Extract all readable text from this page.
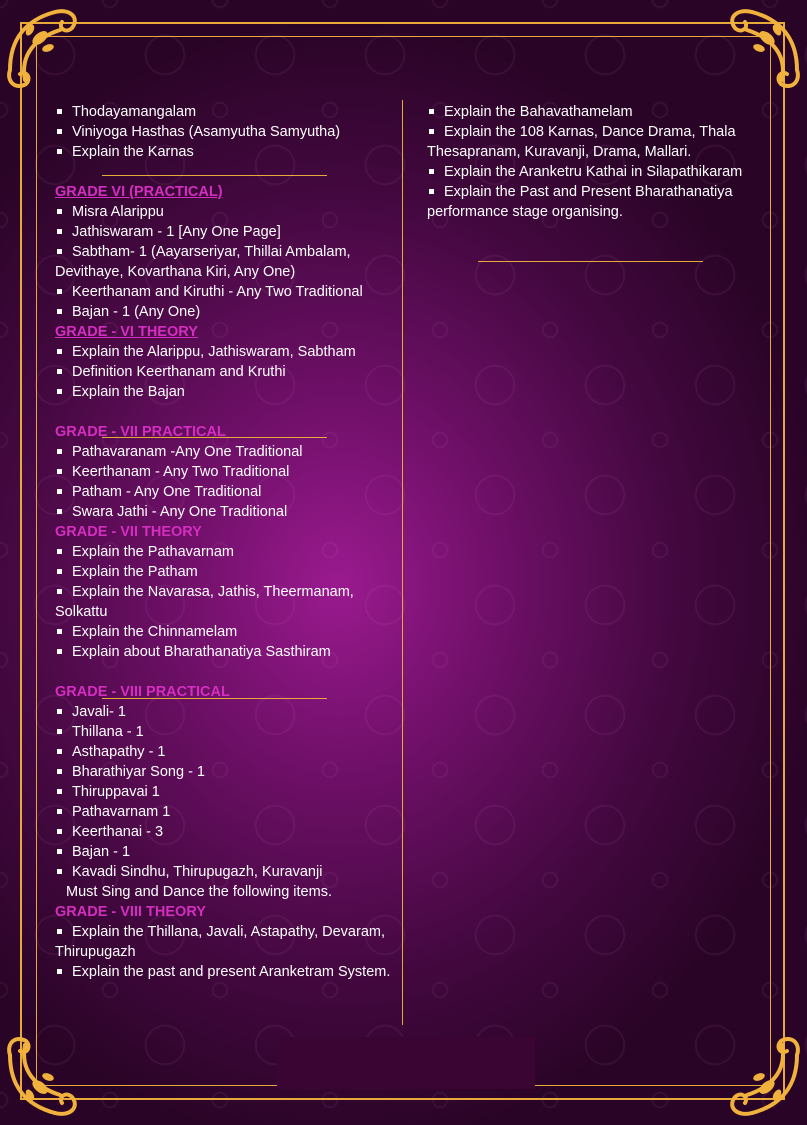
Thodayamangalam
Viniyoga Hasthas (Asamyutha Samyutha)
Explain the Karnas
GRADE VI (PRACTICAL)
Misra Alarippu
Jathiswaram - 1 [Any One Page]
Sabtham- 1 (Aayarseriyar, Thillai Ambalam, Devithaye, Kovarthana Kiri, Any One)
Keerthanam and Kiruthi - Any Two Traditional
Bajan - 1 (Any One)
GRADE - VI THEORY
Explain the Alarippu, Jathiswaram, Sabtham
Definition Keerthanam and Kruthi
Explain the Bajan
GRADE - VII PRACTICAL
Pathavaranam -Any One Traditional
Keerthanam - Any Two Traditional
Patham - Any One Traditional
Swara Jathi - Any One Traditional
GRADE - VII THEORY
Explain the Pathavarnam
Explain the Patham
Explain the Navarasa, Jathis, Theermanam, Solkattu
Explain the Chinnamelam
Explain about Bharathanatiya Sasthiram
GRADE - VIII PRACTICAL
Javali- 1
Thillana - 1
Asthapathy - 1
Bharathiyar Song - 1
Thiruppavai 1
Pathavarnam 1
Keerthanai - 3
Bajan - 1
Kavadi Sindhu, Thirupugazh, Kuravanji
Must Sing and Dance the following items.
GRADE - VIII THEORY
Explain the Thillana, Javali, Astapathy, Devaram, Thirupugazh
Explain the past and present Aranketram System.
Explain the Bahavathamelam
Explain the 108 Karnas, Dance Drama, Thala Thesapranam, Kuravanji, Drama, Mallari.
Explain the Aranketru Kathai in Silapathikaram
Explain the Past and Present Bharathanatiya performance stage organising.
